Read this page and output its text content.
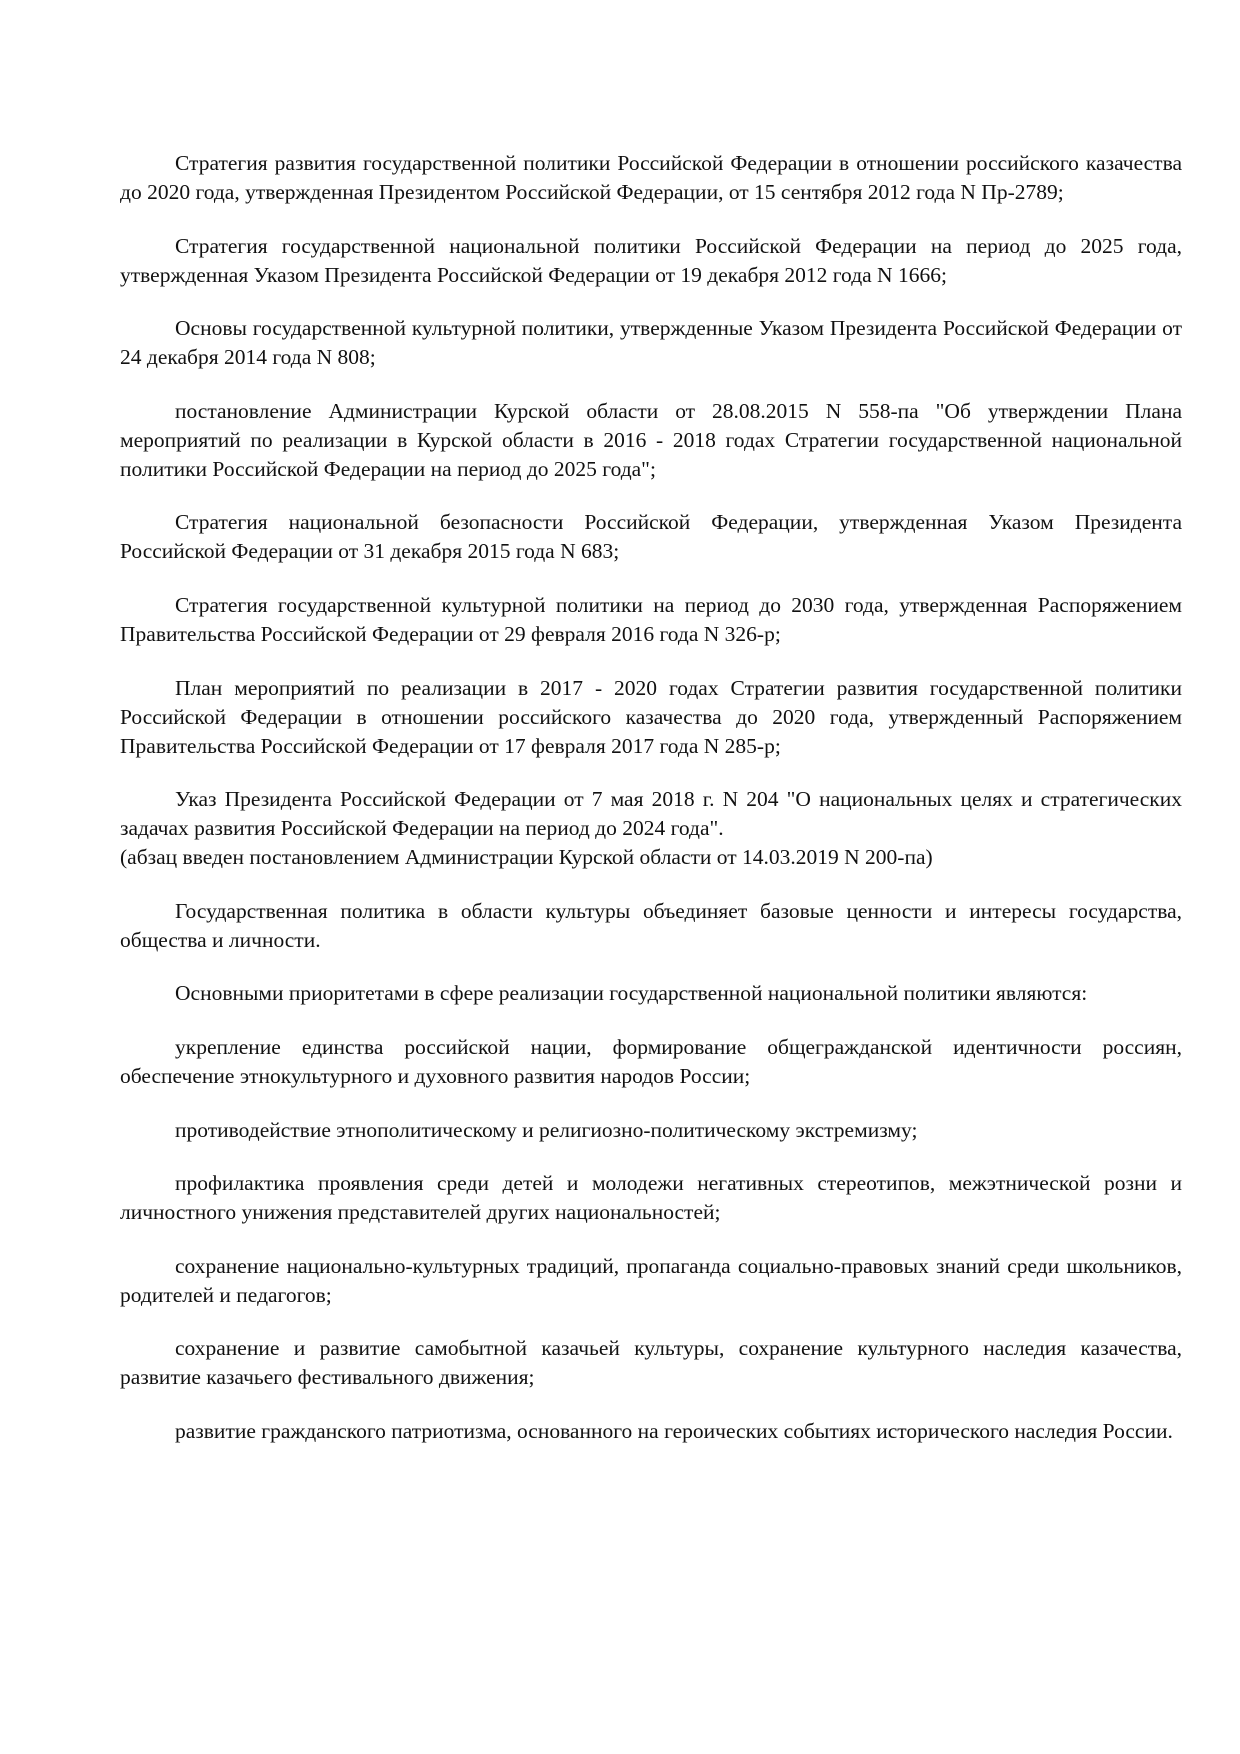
Стратегия развития государственной политики Российской Федерации в отношении российского казачества до 2020 года, утвержденная Президентом Российской Федерации, от 15 сентября 2012 года N Пр-2789;

Стратегия государственной национальной политики Российской Федерации на период до 2025 года, утвержденная Указом Президента Российской Федерации от 19 декабря 2012 года N 1666;

Основы государственной культурной политики, утвержденные Указом Президента Российской Федерации от 24 декабря 2014 года N 808;

постановление Администрации Курской области от 28.08.2015 N 558-па "Об утверждении Плана мероприятий по реализации в Курской области в 2016 - 2018 годах Стратегии государственной национальной политики Российской Федерации на период до 2025 года";

Стратегия национальной безопасности Российской Федерации, утвержденная Указом Президента Российской Федерации от 31 декабря 2015 года N 683;

Стратегия государственной культурной политики на период до 2030 года, утвержденная Распоряжением Правительства Российской Федерации от 29 февраля 2016 года N 326-р;

План мероприятий по реализации в 2017 - 2020 годах Стратегии развития государственной политики Российской Федерации в отношении российского казачества до 2020 года, утвержденный Распоряжением Правительства Российской Федерации от 17 февраля 2017 года N 285-р;

Указ Президента Российской Федерации от 7 мая 2018 г. N 204 "О национальных целях и стратегических задачах развития Российской Федерации на период до 2024 года".
(абзац введен постановлением Администрации Курской области от 14.03.2019 N 200-па)

Государственная политика в области культуры объединяет базовые ценности и интересы государства, общества и личности.

Основными приоритетами в сфере реализации государственной национальной политики являются:

укрепление единства российской нации, формирование общегражданской идентичности россиян, обеспечение этнокультурного и духовного развития народов России;

противодействие этнополитическому и религиозно-политическому экстремизму;

профилактика проявления среди детей и молодежи негативных стереотипов, межэтнической розни и личностного унижения представителей других национальностей;

сохранение национально-культурных традиций, пропаганда социально-правовых знаний среди школьников, родителей и педагогов;

сохранение и развитие самобытной казачьей культуры, сохранение культурного наследия казачества, развитие казачьего фестивального движения;

развитие гражданского патриотизма, основанного на героических событиях исторического наследия России.
